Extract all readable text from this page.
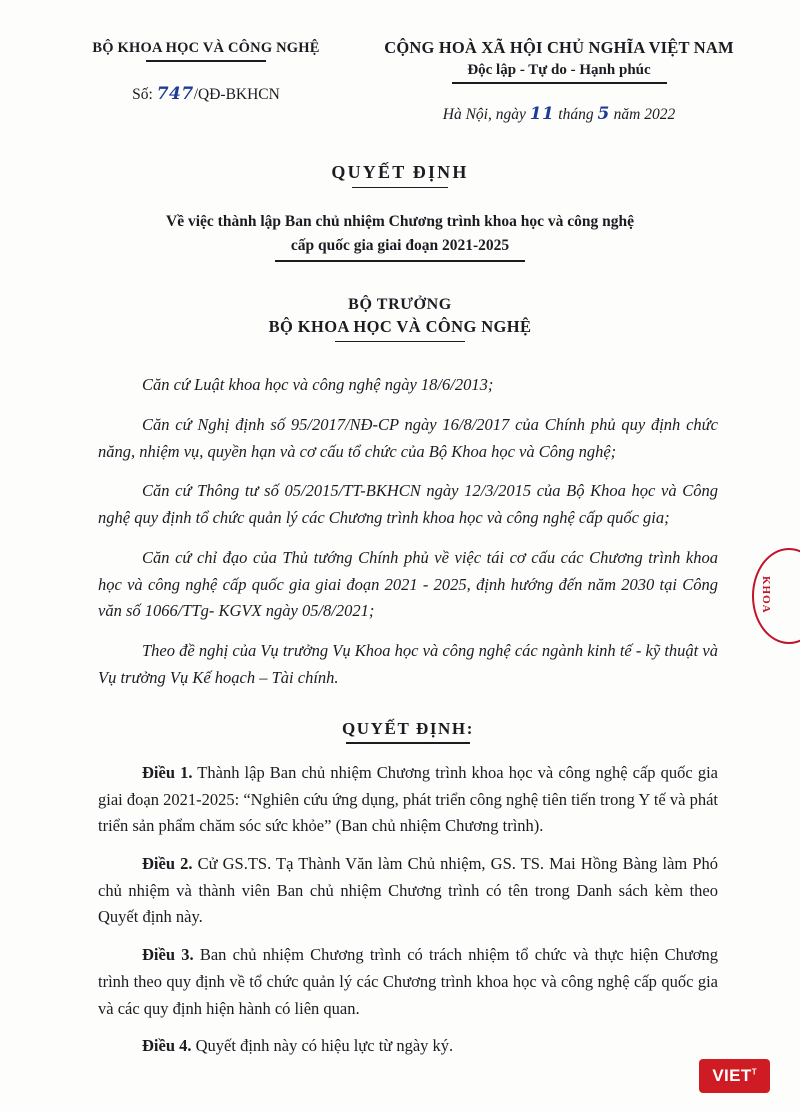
BỘ KHOA HỌC VÀ CÔNG NGHỆ
Số: 747/QĐ-BKHCN
CỘNG HOÀ XÃ HỘI CHỦ NGHĨA VIỆT NAM
Độc lập - Tự do - Hạnh phúc
Hà Nội, ngày 11 tháng 5 năm 2022
QUYẾT ĐỊNH
Về việc thành lập Ban chủ nhiệm Chương trình khoa học và công nghệ
cấp quốc gia giai đoạn 2021-2025
BỘ TRƯỞNG
BỘ KHOA HỌC VÀ CÔNG NGHỆ
Căn cứ Luật khoa học và công nghệ ngày 18/6/2013;
Căn cứ Nghị định số 95/2017/NĐ-CP ngày 16/8/2017 của Chính phủ quy định chức năng, nhiệm vụ, quyền hạn và cơ cấu tổ chức của Bộ Khoa học và Công nghệ;
Căn cứ Thông tư số 05/2015/TT-BKHCN ngày 12/3/2015 của Bộ Khoa học và Công nghệ quy định tổ chức quản lý các Chương trình khoa học và công nghệ cấp quốc gia;
Căn cứ chỉ đạo của Thủ tướng Chính phủ về việc tái cơ cấu các Chương trình khoa học và công nghệ cấp quốc gia giai đoạn 2021 - 2025, định hướng đến năm 2030 tại Công văn số 1066/TTg- KGVX ngày 05/8/2021;
Theo đề nghị của Vụ trưởng Vụ Khoa học và công nghệ các ngành kinh tế - kỹ thuật và Vụ trưởng Vụ Kế hoạch – Tài chính.
QUYẾT ĐỊNH:
Điều 1. Thành lập Ban chủ nhiệm Chương trình khoa học và công nghệ cấp quốc gia giai đoạn 2021-2025: “Nghiên cứu ứng dụng, phát triển công nghệ tiên tiến trong Y tế và phát triển sản phẩm chăm sóc sức khỏe” (Ban chủ nhiệm Chương trình).
Điều 2. Cử GS.TS. Tạ Thành Văn làm Chủ nhiệm, GS. TS. Mai Hồng Bàng làm Phó chủ nhiệm và thành viên Ban chủ nhiệm Chương trình có tên trong Danh sách kèm theo Quyết định này.
Điều 3. Ban chủ nhiệm Chương trình có trách nhiệm tổ chức và thực hiện Chương trình theo quy định về tổ chức quản lý các Chương trình khoa học và công nghệ cấp quốc gia và các quy định hiện hành có liên quan.
Điều 4. Quyết định này có hiệu lực từ ngày ký.
KHOA
$VIET^T$
